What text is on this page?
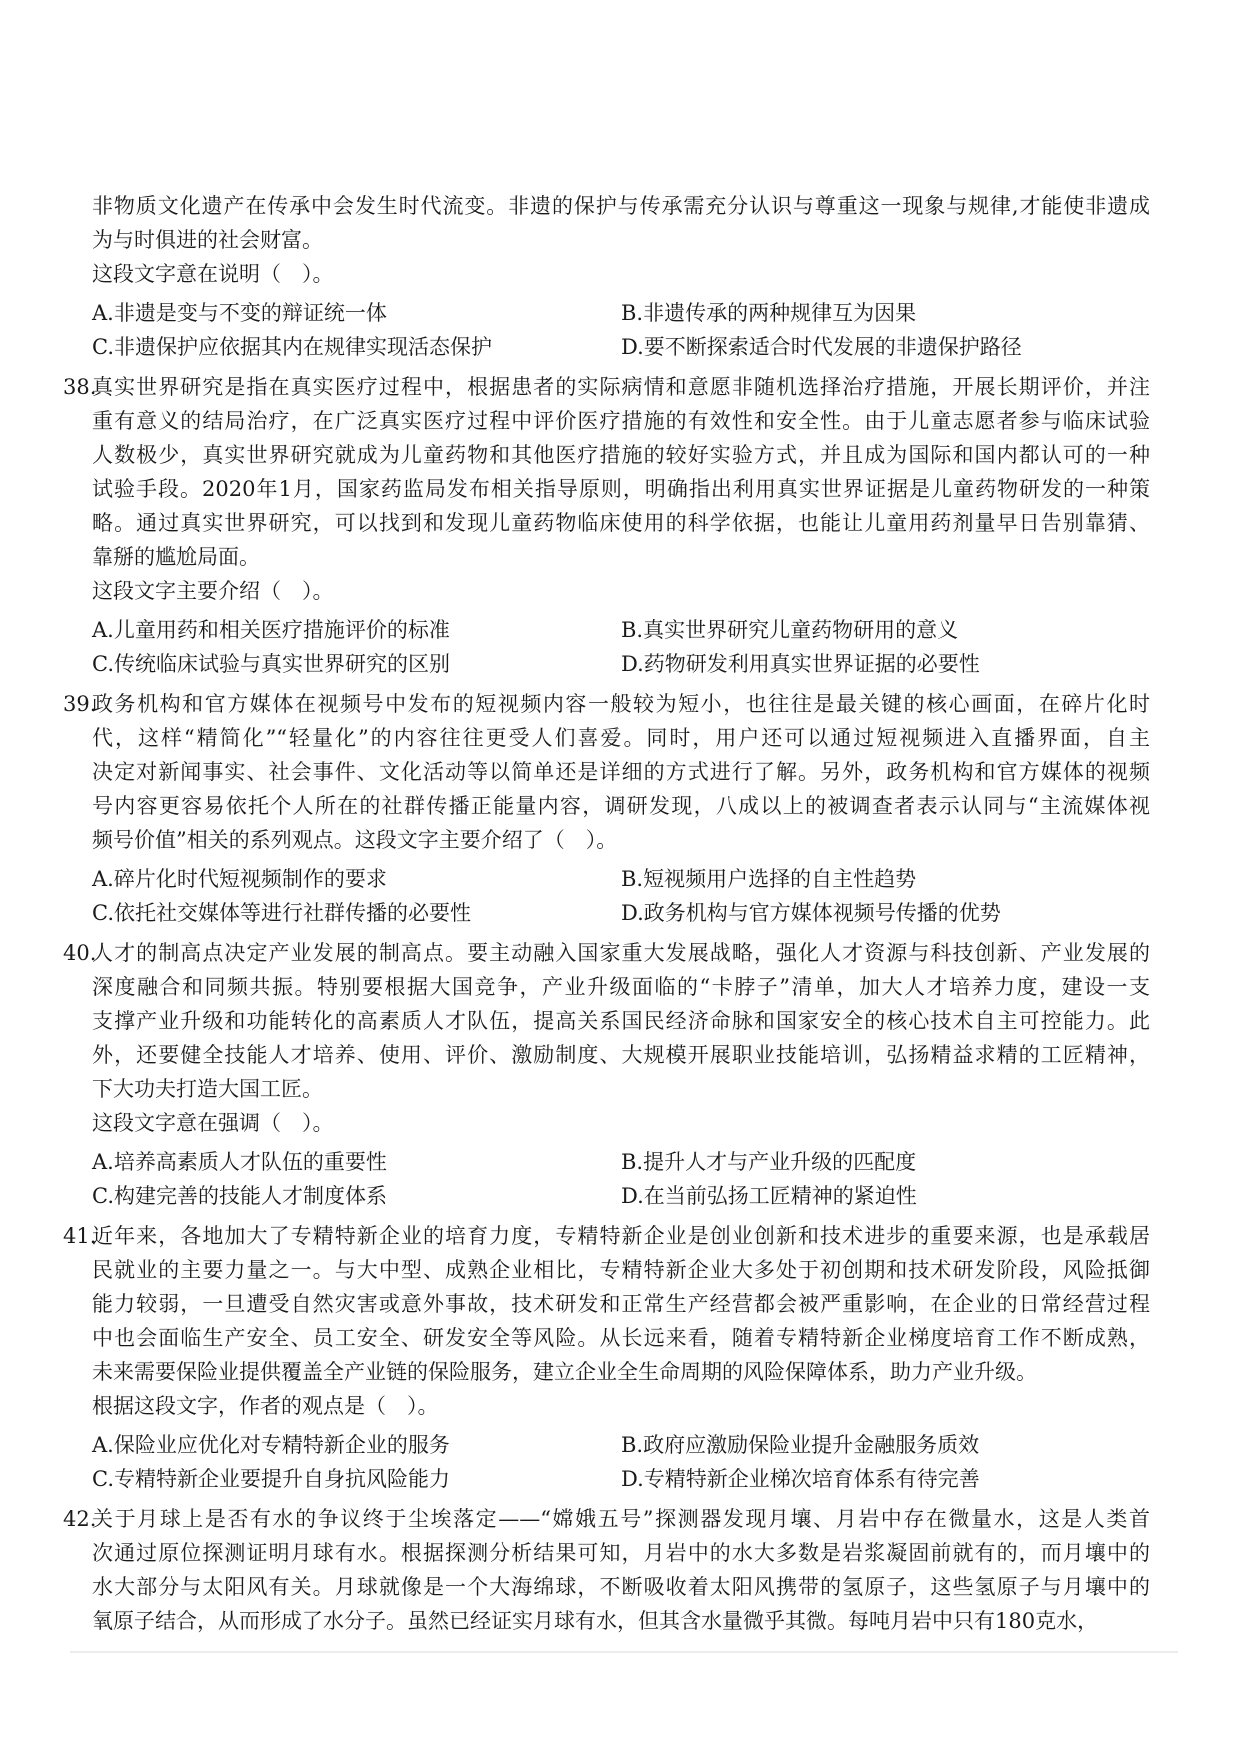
非物质文化遗产在传承中会发生时代流变。非遗的保护与传承需充分认识与尊重这一现象与规律,才能使非遗成
为与时俱进的社会财富。
这段文字意在说明（　）。
A.非遗是变与不变的辩证统一体	B.非遗传承的两种规律互为因果
C.非遗保护应依据其内在规律实现活态保护	D.要不断探索适合时代发展的非遗保护路径
38.
真实世界研究是指在真实医疗过程中，根据患者的实际病情和意愿非随机选择治疗措施，开展长期评价，并注
重有意义的结局治疗，在广泛真实医疗过程中评价医疗措施的有效性和安全性。由于儿童志愿者参与临床试验
人数极少，真实世界研究就成为儿童药物和其他医疗措施的较好实验方式，并且成为国际和国内都认可的一种
试验手段。2020年1月，国家药监局发布相关指导原则，明确指出利用真实世界证据是儿童药物研发的一种策
略。通过真实世界研究，可以找到和发现儿童药物临床使用的科学依据，也能让儿童用药剂量早日告别靠猜、
靠掰的尴尬局面。
这段文字主要介绍（　）。
A.儿童用药和相关医疗措施评价的标准	B.真实世界研究儿童药物研用的意义
C.传统临床试验与真实世界研究的区别	D.药物研发利用真实世界证据的必要性
39.
政务机构和官方媒体在视频号中发布的短视频内容一般较为短小，也往往是最关键的核心画面，在碎片化时
代，这样“精简化”“轻量化”的内容往往更受人们喜爱。同时，用户还可以通过短视频进入直播界面，自主
决定对新闻事实、社会事件、文化活动等以简单还是详细的方式进行了解。另外，政务机构和官方媒体的视频
号内容更容易依托个人所在的社群传播正能量内容，调研发现，八成以上的被调查者表示认同与“主流媒体视
频号价值”相关的系列观点。这段文字主要介绍了（　）。
A.碎片化时代短视频制作的要求	B.短视频用户选择的自主性趋势
C.依托社交媒体等进行社群传播的必要性	D.政务机构与官方媒体视频号传播的优势
40.
人才的制高点决定产业发展的制高点。要主动融入国家重大发展战略，强化人才资源与科技创新、产业发展的
深度融合和同频共振。特别要根据大国竞争，产业升级面临的“卡脖子”清单，加大人才培养力度，建设一支
支撑产业升级和功能转化的高素质人才队伍，提高关系国民经济命脉和国家安全的核心技术自主可控能力。此
外，还要健全技能人才培养、使用、评价、激励制度、大规模开展职业技能培训，弘扬精益求精的工匠精神，
下大功夫打造大国工匠。
这段文字意在强调（　）。
A.培养高素质人才队伍的重要性	B.提升人才与产业升级的匹配度
C.构建完善的技能人才制度体系	D.在当前弘扬工匠精神的紧迫性
41.
近年来，各地加大了专精特新企业的培育力度，专精特新企业是创业创新和技术进步的重要来源，也是承载居
民就业的主要力量之一。与大中型、成熟企业相比，专精特新企业大多处于初创期和技术研发阶段，风险抵御
能力较弱，一旦遭受自然灾害或意外事故，技术研发和正常生产经营都会被严重影响，在企业的日常经营过程
中也会面临生产安全、员工安全、研发安全等风险。从长远来看，随着专精特新企业梯度培育工作不断成熟，
未来需要保险业提供覆盖全产业链的保险服务，建立企业全生命周期的风险保障体系，助力产业升级。
根据这段文字，作者的观点是（　）。
A.保险业应优化对专精特新企业的服务	B.政府应激励保险业提升金融服务质效
C.专精特新企业要提升自身抗风险能力	D.专精特新企业梯次培育体系有待完善
42.
关于月球上是否有水的争议终于尘埃落定——“嫦娥五号”探测器发现月壤、月岩中存在微量水，这是人类首
次通过原位探测证明月球有水。根据探测分析结果可知，月岩中的水大多数是岩浆凝固前就有的，而月壤中的
水大部分与太阳风有关。月球就像是一个大海绵球，不断吸收着太阳风携带的氢原子，这些氢原子与月壤中的
氧原子结合，从而形成了水分子。虽然已经证实月球有水，但其含水量微乎其微。每吨月岩中只有180克水，
